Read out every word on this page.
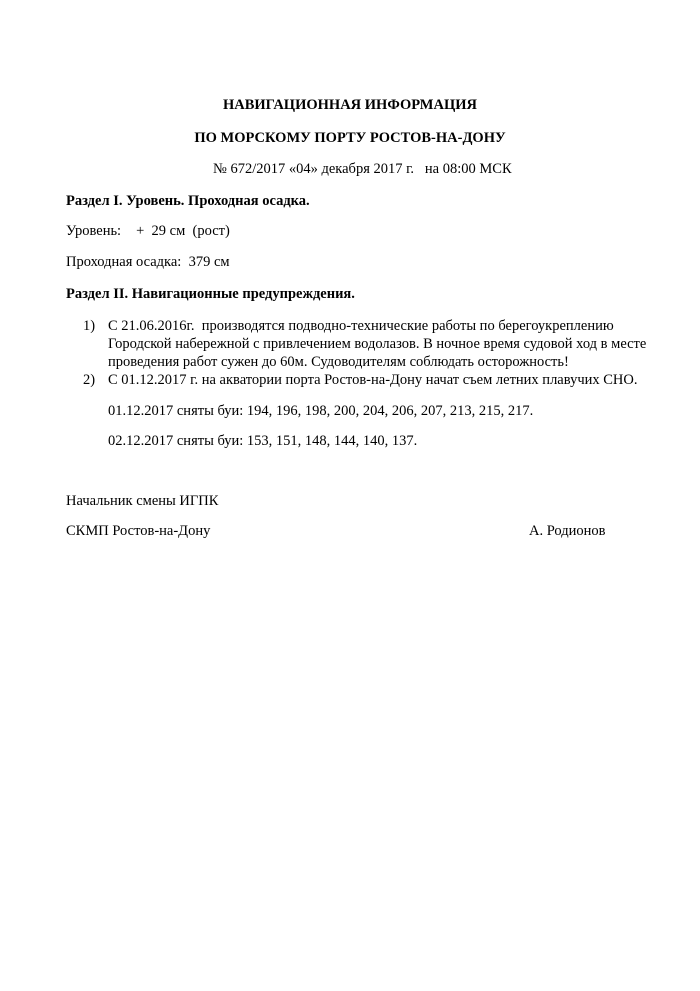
НАВИГАЦИОННАЯ ИНФОРМАЦИЯ
ПО МОРСКОМУ ПОРТУ РОСТОВ-НА-ДОНУ
№ 672/2017 «04» декабря 2017 г.   на 08:00 МСК
Раздел I. Уровень. Проходная осадка.
Уровень: +  29 см  (рост)
Проходная осадка:  379 см
Раздел II. Навигационные предупреждения.
1) С 21.06.2016г.  производятся подводно-технические работы по берегоукреплению
Городской набережной с привлечением водолазов. В ночное время судовой ход в месте
проведения работ сужен до 60м. Судоводителям соблюдать осторожность!
2) С 01.12.2017 г. на акватории порта Ростов-на-Дону начат съем летних плавучих СНО.
01.12.2017 сняты буи: 194, 196, 198, 200, 204, 206, 207, 213, 215, 217.
02.12.2017 сняты буи: 153, 151, 148, 144, 140, 137.
Начальник смены ИГПК
СКМП Ростов-на-Дону	А. Родионов
